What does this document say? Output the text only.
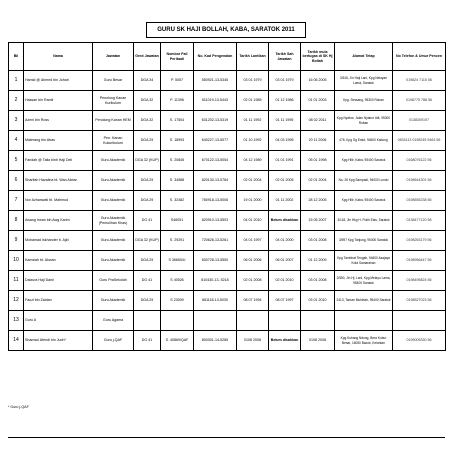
GURU SK HAJI BOLLAH, KABA, SARATOK 2011
Bil	Nama	Jawatan	Gred Jawatan	Nombor Fail Peribadi	No. Kad Pengenalan	Tarikh Lantikan	Tarikh Sah Jawatan	Tarikh mula bertugas di SK Hj Bollah	Alamat Tetap	No Telefon & Umur Pencen
1	Hamid @ Ahmed bin Johari	Guru Besar	DGA 34	P. 5057	550921-13-5345	03 01 1979	03 01 1979	16 06 2005	3/516, Jln Haji Lani, Kpg Nelayan Lama, Saratok	019824 7115 56
2	Hassan bin Ramli	Penolong Kanan Kurikulum	DGA 32	P. 11396	611019-13-5443	02 01 1985	01 12 1986	01 01 2003	Kpg. Sessang, 95300 Roban	0198775 788 56
3	Azeni bin Ross	Penolong Kanan HEM	DGA 32	S. 17504	631202-13-5319	01 11 1992	01 11 1995	08 02 2011	Kpg Nyabor, Jalan Nyabor Atit, 95300 Roban	0138309197
4	Materang bin Abas	Pen. Kanan Kokurikulum	DGA 29	S. 18993	640227-13-5077	01 10 1992	04 03 1995	20 11 2006	476, Kpg Sg Entut, 94600 Kabong	0834113 0198245 9463 56
5	Fandah @ Talia binti Haji Deli	Guru Akademik	DGA 32 (KUP)	S. 20845	670122-13-5054	04 12 1989	01 01 1991	05 01 1998	Kpg Hilir, Kaba, 95400 Saratok	0168076122 56
6	Sharifah Hazalina bt. Wan Akbar	Guru Akademik	DGA 29	S. 34588	820130-13-5784	02 01 2004	02 01 2005	02 01 2004	No. 26 Kpg Sampadi, 94000 Lundu	0198644301 56
7	Nor Azhanwati bt. Mahmud	Guru Akademik	DGA 29	S. 32482	780918-13-5006	19 01 2000	01 11 2002	28 12 2005	Kpg Hilir, Kaba, 95400 Saratok	0198555238 56
8	Awang Irwan bin Awg Karim	Guru Akademik (Pemulihan Khas)	DG 41	S46051	820910-13-5503	04 01 2010	Belum disahkan	15 05 2007	3/118, Jln Hkg H. Putih Elas, Saratok	0138477120 58
9	Mohamad Iskhander b. Ajid	Guru Akademik	DGA 32 (KUP)	S. 29291	720626-13-5261	04 01 1997	04 01 2000	03 01 2008	3/597 Kpg Tanjung, 95400 Saratok	0198263179 56
10	Kamsiah bt. Akwan	Guru Akademik	DGA 29	S 36650/U	830728-13-5550	06 01 2006	06 01 2007	01 12 2009	Kpg Tambirat Tengah, 94600 Asajaya Kota Samarahan	0198956447 56
11	Daizura Haji Daini	Guru PraSekolah	DG 41	S 40526	810430-13- 5218	02 01 2008	02 01 2010	03 01 2008	2/550, Jln Hj. Lani, Kpg Melayu Lama, 95400 Saratok	0198495824 56
12	Fauzi bin Zaidan	Guru Akademik	DGA 29	S 23009	681118-13-5030	08 07 1994	08 07 1997	03 01 2010	2413, Taman Muhibah, 95400 Saratok	0198527023 56
13	Guru A	Guru Agama								
14	Shamsul Afendi bin Juoh*	Guru j-QAF	DG 41	S. 40869/QAF	800301-14-5285	0108 2008	Belum disahkan	0108 2008	Kpg Kubang Ndong, Bera Kubur Besar, 16050 Bacok, Kelantan	0199005330 56
* Guru j-QAF
